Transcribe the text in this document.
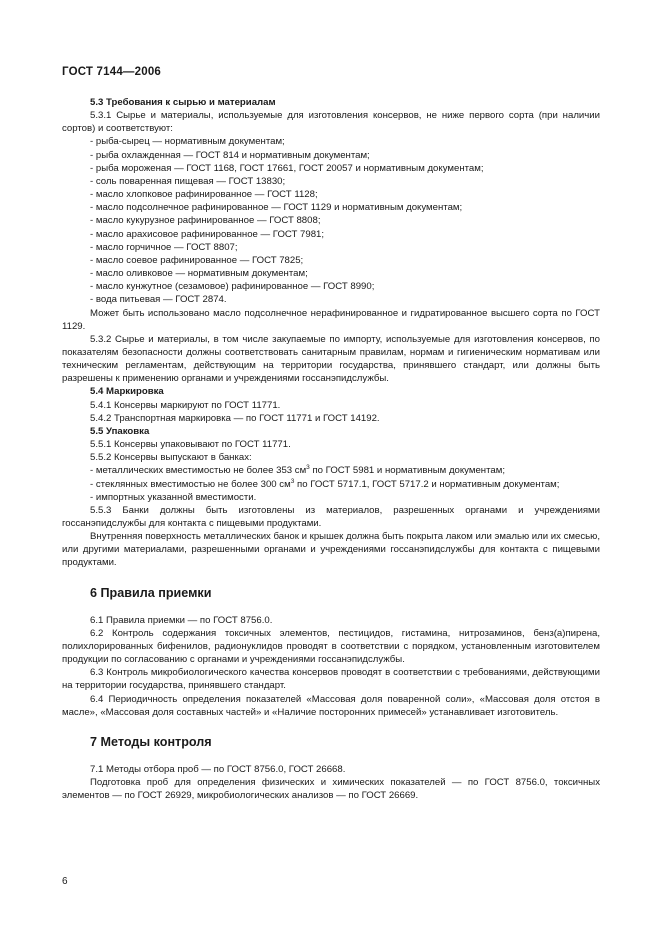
ГОСТ 7144—2006
5.3 Требования к сырью и материалам

5.3.1 Сырье и материалы, используемые для изготовления консервов, не ниже первого сорта (при наличии сортов) и соответствуют:

- рыба-сырец — нормативным документам;
- рыба охлажденная — ГОСТ 814 и нормативным документам;
- рыба мороженая — ГОСТ 1168, ГОСТ 17661, ГОСТ 20057 и нормативным документам;
- соль поваренная пищевая — ГОСТ 13830;
- масло хлопковое рафинированное — ГОСТ 1128;
- масло подсолнечное рафинированное — ГОСТ 1129 и нормативным документам;
- масло кукурузное рафинированное — ГОСТ 8808;
- масло арахисовое рафинированное — ГОСТ 7981;
- масло горчичное — ГОСТ 8807;
- масло соевое рафинированное — ГОСТ 7825;
- масло оливковое — нормативным документам;
- масло кунжутное (сезамовое) рафинированное — ГОСТ 8990;
- вода питьевая — ГОСТ 2874.

Может быть использовано масло подсолнечное нерафинированное и гидратированное высшего сорта по ГОСТ 1129.

5.3.2 Сырье и материалы, в том числе закупаемые по импорту, используемые для изготовления консервов, по показателям безопасности должны соответствовать санитарным правилам, нормам и гигиеническим нормативам или техническим регламентам, действующим на территории государства, принявшего стандарт, или должны быть разрешены к применению органами и учреждениями госсанэпидслужбы.

5.4 Маркировка

5.4.1 Консервы маркируют по ГОСТ 11771.

5.4.2 Транспортная маркировка — по ГОСТ 11771 и ГОСТ 14192.

5.5 Упаковка

5.5.1 Консервы упаковывают по ГОСТ 11771.

5.5.2 Консервы выпускают в банках:

- металлических вместимостью не более 353 $см^3$ по ГОСТ 5981 и нормативным документам;

- стеклянных вместимостью не более 300 $см^3$ по ГОСТ 5717.1, ГОСТ 5717.2 и нормативным документам;

- импортных указанной вместимости.

5.5.3 Банки должны быть изготовлены из материалов, разрешенных органами и учреждениями госсанэпидслужбы для контакта с пищевыми продуктами.

Внутренняя поверхность металлических банок и крышек должна быть покрыта лаком или эмалью или их смесью, или другими материалами, разрешенными органами и учреждениями госсанэпидслужбы для контакта с пищевыми продуктами.

6 Правила приемки

6.1 Правила приемки — по ГОСТ 8756.0.

6.2 Контроль содержания токсичных элементов, пестицидов, гистамина, нитрозаминов, бенз(а)пирена, полихлорированных бифенилов, радионуклидов проводят в соответствии с порядком, установленным изготовителем продукции по согласованию с органами и учреждениями госсанэпидслужбы.

6.3 Контроль микробиологического качества консервов проводят в соответствии с требованиями, действующими на территории государства, принявшего стандарт.

6.4 Периодичность определения показателей «Массовая доля поваренной соли», «Массовая доля отстоя в масле», «Массовая доля составных частей» и «Наличие посторонних примесей» устанавливает изготовитель.

7 Методы контроля

7.1 Методы отбора проб — по ГОСТ 8756.0, ГОСТ 26668.

Подготовка проб для определения физических и химических показателей — по ГОСТ 8756.0, токсичных элементов — по ГОСТ 26929, микробиологических анализов — по ГОСТ 26669.

6
